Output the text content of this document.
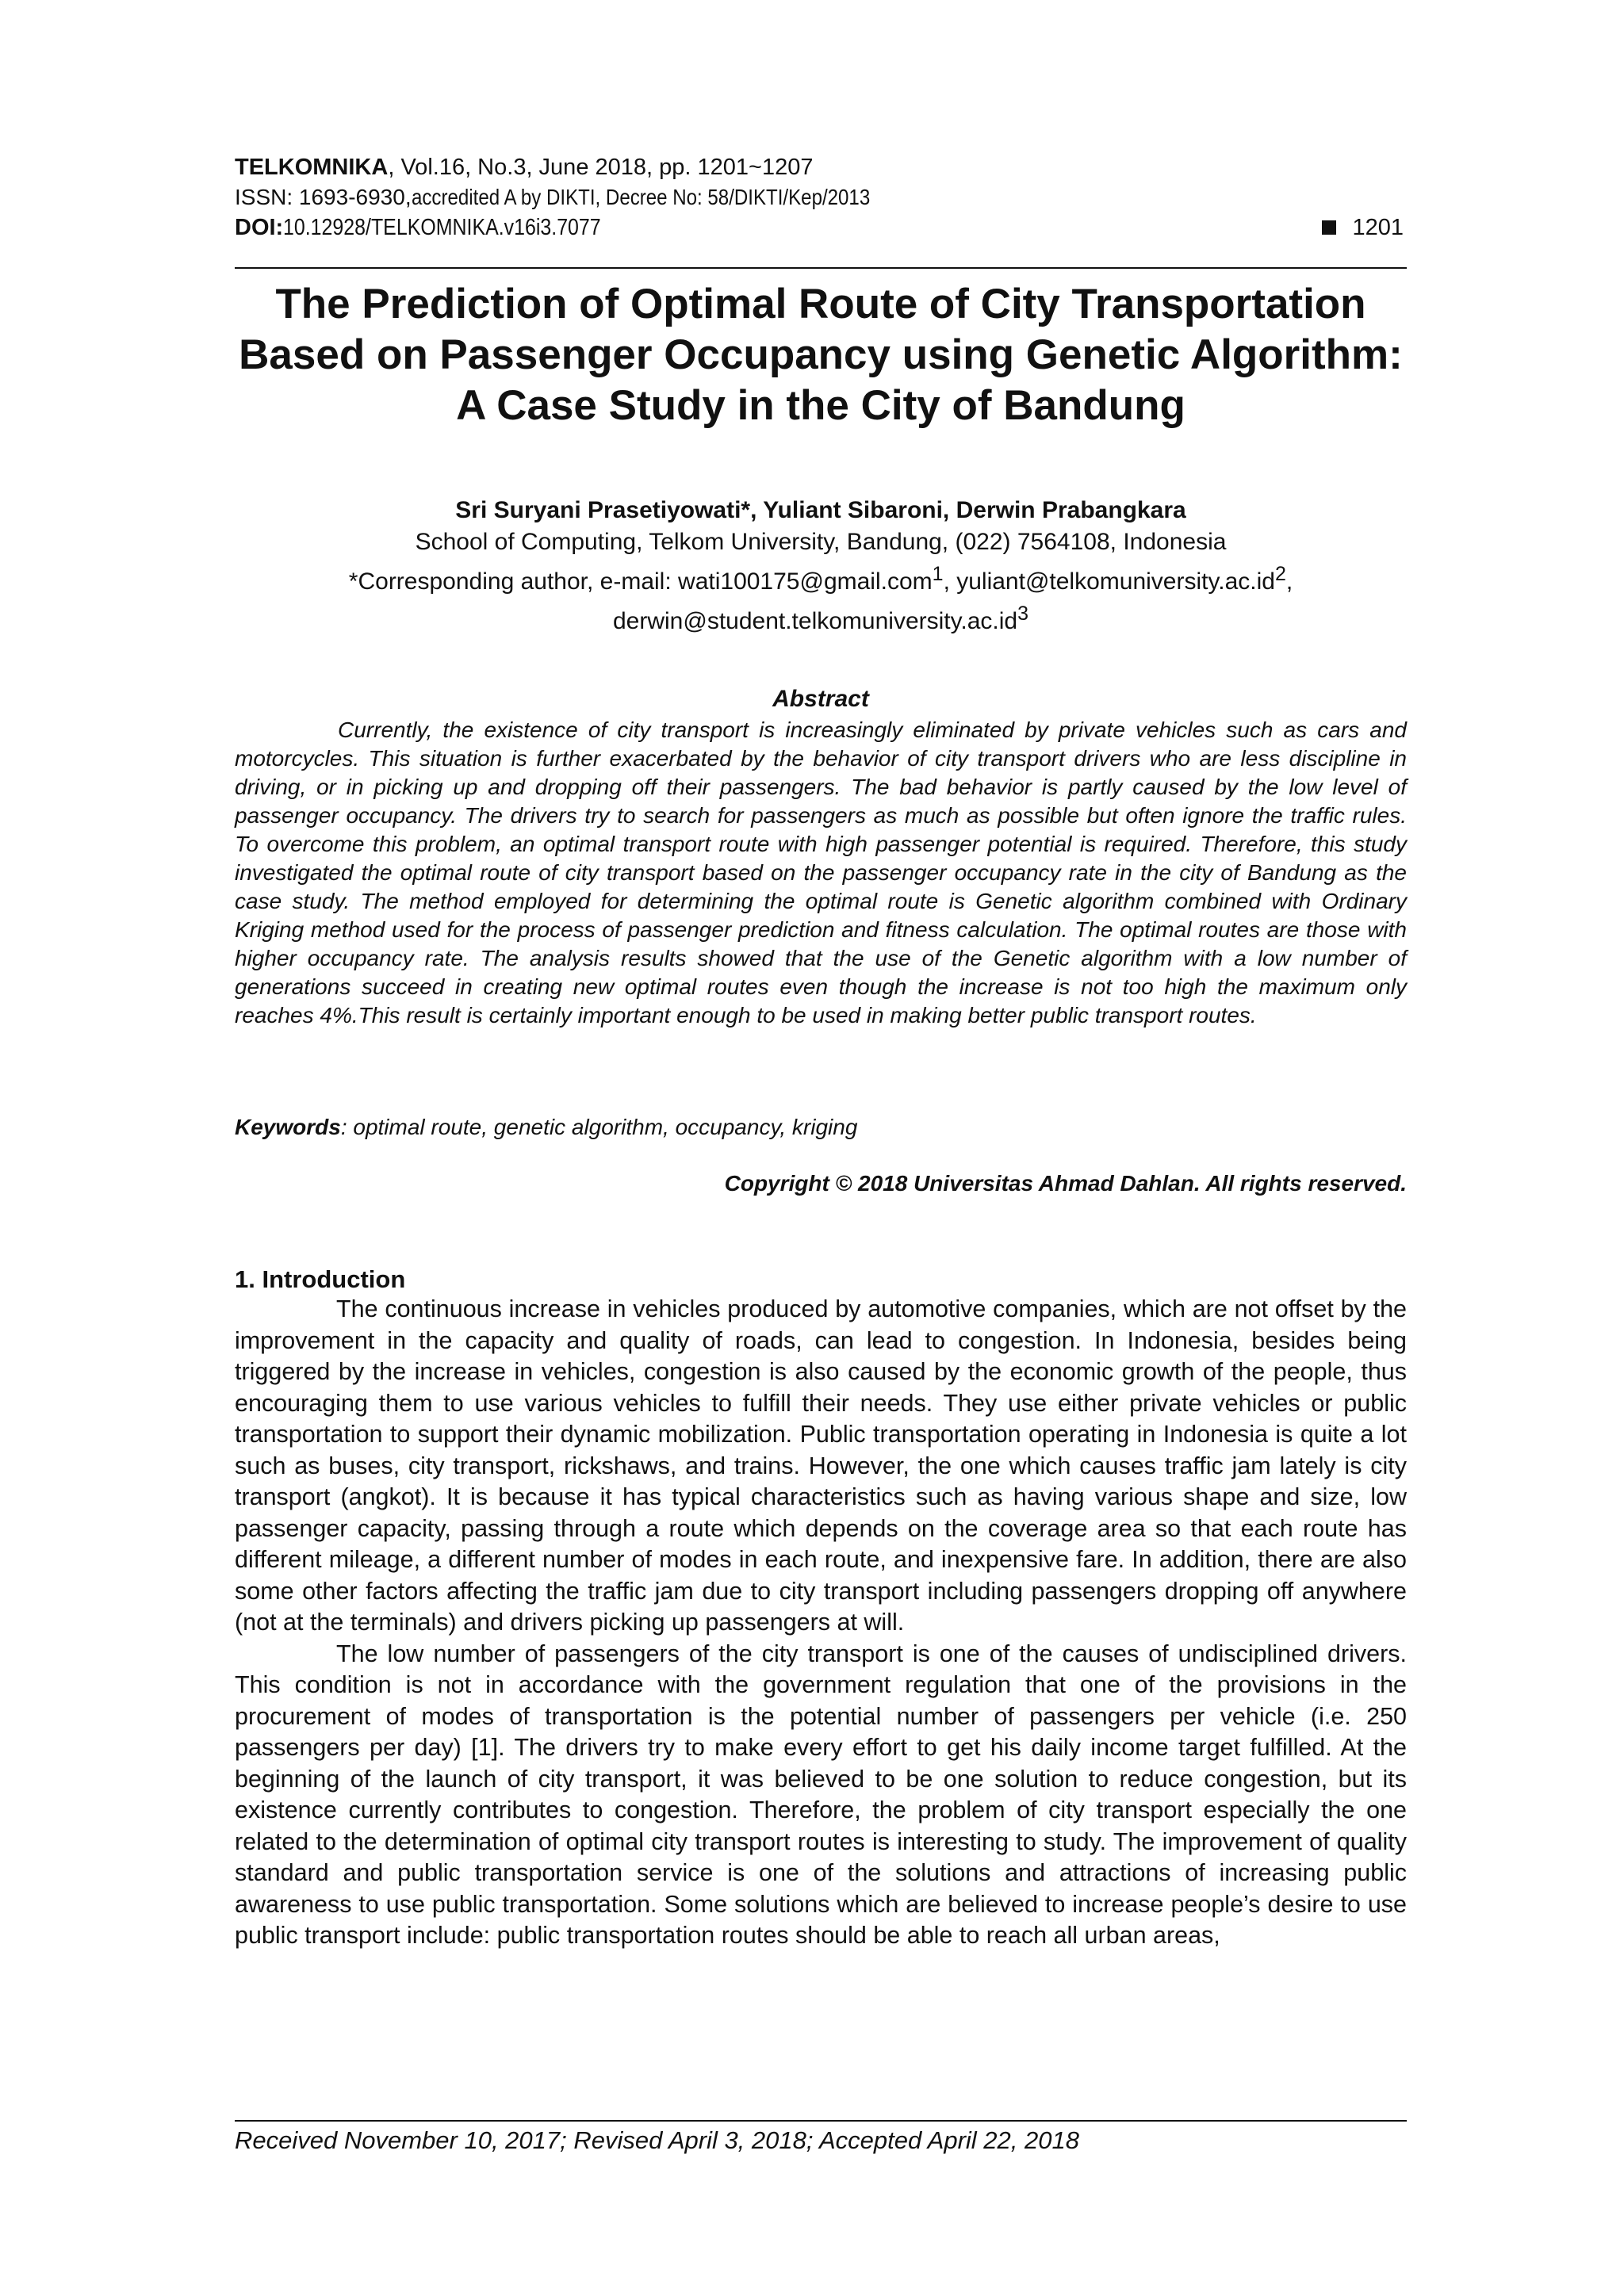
TELKOMNIKA, Vol.16, No.3, June 2018, pp. 1201~1207
ISSN: 1693-6930,accredited A by DIKTI, Decree No: 58/DIKTI/Kep/2013
DOI:10.12928/TELKOMNIKA.v16i3.7077	1201
The Prediction of Optimal Route of City Transportation Based on Passenger Occupancy using Genetic Algorithm: A Case Study in the City of Bandung
Sri Suryani Prasetiyowati*, Yuliant Sibaroni, Derwin Prabangkara
School of Computing, Telkom University, Bandung, (022) 7564108, Indonesia
*Corresponding author, e-mail: wati100175@gmail.com$^1$, $yuliant@telkomuniversity.ac.id^2$,
$derwin@student.telkomuniversity.ac.id^3$
Abstract

Currently, the existence of city transport is increasingly eliminated by private vehicles such as cars and motorcycles. This situation is further exacerbated by the behavior of city transport drivers who are less discipline in driving, or in picking up and dropping off their passengers. The bad behavior is partly caused by the low level of passenger occupancy. The drivers try to search for passengers as much as possible but often ignore the traffic rules. To overcome this problem, an optimal transport route with high passenger potential is required. Therefore, this study investigated the optimal route of city transport based on the passenger occupancy rate in the city of Bandung as the case study. The method employed for determining the optimal route is Genetic algorithm combined with Ordinary Kriging method used for the process of passenger prediction and fitness calculation. The optimal routes are those with higher occupancy rate. The analysis results showed that the use of the Genetic algorithm with a low number of generations succeed in creating new optimal routes even though the increase is not too high the maximum only reaches 4%.This result is certainly important enough to be used in making better public transport routes.

Keywords: optimal route, genetic algorithm, occupancy, kriging
Copyright © 2018 Universitas Ahmad Dahlan. All rights reserved.
1. Introduction

The continuous increase in vehicles produced by automotive companies, which are not offset by the improvement in the capacity and quality of roads, can lead to congestion. In Indonesia, besides being triggered by the increase in vehicles, congestion is also caused by the economic growth of the people, thus encouraging them to use various vehicles to fulfill their needs. They use either private vehicles or public transportation to support their dynamic mobilization. Public transportation operating in Indonesia is quite a lot such as buses, city transport, rickshaws, and trains. However, the one which causes traffic jam lately is city transport (angkot). It is because it has typical characteristics such as having various shape and size, low passenger capacity, passing through a route which depends on the coverage area so that each route has different mileage, a different number of modes in each route, and inexpensive fare. In addition, there are also some other factors affecting the traffic jam due to city transport including passengers dropping off anywhere (not at the terminals) and drivers picking up passengers at will.

The low number of passengers of the city transport is one of the causes of undisciplined drivers. This condition is not in accordance with the government regulation that one of the provisions in the procurement of modes of transportation is the potential number of passengers per vehicle (i.e. 250 passengers per day) [1]. The drivers try to make every effort to get his daily income target fulfilled. At the beginning of the launch of city transport, it was believed to be one solution to reduce congestion, but its existence currently contributes to congestion. Therefore, the problem of city transport especially the one related to the determination of optimal city transport routes is interesting to study. The improvement of quality standard and public transportation service is one of the solutions and attractions of increasing public awareness to use public transportation. Some solutions which are believed to increase people’s desire to use public transport include: public transportation routes should be able to reach all urban areas,

Received November 10, 2017; Revised April 3, 2018; Accepted April 22, 2018
